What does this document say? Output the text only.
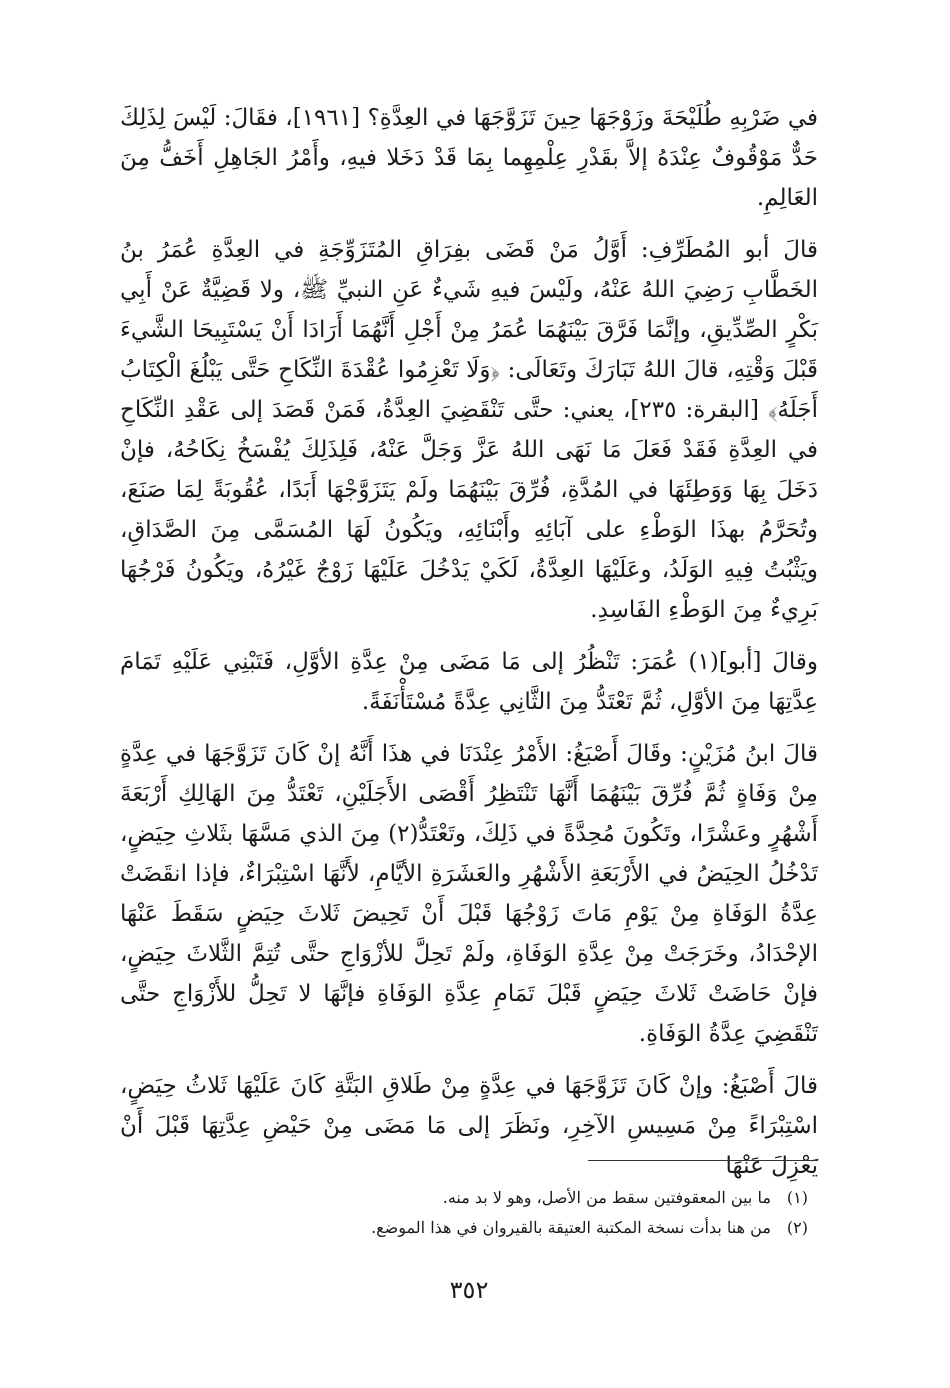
في ضَرْبِهِ طُلَيْحَةَ وزَوْجَهَا حِينَ تَزَوَّجَهَا في العِدَّةِ؟ [١٩٦١]، فقَالَ: لَيْسَ لِذَلِكَ حَدٌّ مَوْقُوفٌ عِنْدَهُ إلاَّ بقَدْرِ عِلْمِهِما بِمَا قَدْ دَخَلا فيهِ، وأَمْرُ الجَاهِلِ أَخَفُّ مِنَ العَالِمِ.

قالَ أبو المُطَرِّفِ: أَوَّلُ مَنْ قَضَى بفِرَاقِ المُتَزَوِّجَةِ في العِدَّةِ عُمَرُ بنُ الخَطَّابِ رَضِيَ اللهُ عَنْهُ، ولَيْسَ فيهِ شَيءٌ عَنِ النبيِّ ﷺ، ولا قَضِيَّةٌ عَنْ أَبِي بَكْرٍ الصِّدِّيقِ، وإنَّمَا فَرَّقَ بَيْنَهُمَا عُمَرُ مِنْ أَجْلِ أَنَّهُمَا أَرَادَا أَنْ يَسْتَبِيحَا الشَّيءَ قَبْلَ وَقْتِهِ، قالَ اللهُ تَبَارَكَ وتَعَالَى: ﴿وَلَا تَعْزِمُوا عُقْدَةَ النِّكَاحِ حَتَّى يَبْلُغَ الْكِتَابُ أَجَلَهُ﴾ [البقرة: ٢٣٥]، يعني: حتَّى تَنْقَضِيَ العِدَّةُ، فَمَنْ قَصَدَ إلى عَقْدِ النِّكَاحِ في العِدَّةِ فَقَدْ فَعَلَ مَا نَهَى اللهُ عَزَّ وَجَلَّ عَنْهُ، فَلِذَلِكَ يُفْسَخُ نِكَاحُهُ، فإنْ دَخَلَ بِهَا وَوَطِئَهَا في المُدَّةِ، فُرِّقَ بَيْنَهُمَا ولَمْ يَتَزَوَّجْهَا أَبَدًا، عُقُوبَةً لِمَا صَنَعَ، وتُحَرَّمُ بهذَا الوَطْءِ على آبَائِهِ وأَبْنَائِهِ، ويَكُونُ لَهَا المُسَمَّى مِنَ الصَّدَاقِ، ويَثْبُتُ فِيهِ الوَلَدُ، وعَلَيْهَا العِدَّةُ، لَكَيْ يَدْخُلَ عَلَيْهَا زَوْجٌ غَيْرُهُ، ويَكُونُ فَرْجُهَا بَرِيءٌ مِنَ الوَطْءِ الفَاسِدِ.

وقالَ [أبو](١) عُمَرَ: تَنْظُرُ إلى مَا مَضَى مِنْ عِدَّةِ الأوَّلِ، فَتَبْنِي عَلَيْهِ تَمَامَ عِدَّتِهَا مِنَ الأوَّلِ، ثُمَّ تَعْتَدُّ مِنَ الثَّانِي عِدَّةً مُسْتَأْنَفَةً.

قالَ ابنُ مُزَيْنٍ: وقَالَ أَصْبَغُ: الأَمْرُ عِنْدَنَا في هذَا أَنَّهُ إنْ كَانَ تَزَوَّجَهَا في عِدَّةٍ مِنْ وَفَاةٍ ثُمَّ فُرِّقَ بَيْنَهُمَا أَنَّهَا تَنْتَظِرُ أَقْصَى الأَجَلَيْنِ، تَعْتَدُّ مِنَ الهَالِكِ أَرْبَعَةَ أَشْهُرٍ وعَشْرًا، وتَكُونَ مُحِدَّةً في ذَلِكَ، وتَعْتَدُّ(٢) مِنَ الذي مَسَّهَا بثَلاثِ حِيَضٍ، تَدْخُلُ الحِيَضُ في الأَرْبَعَةِ الأَشْهُرِ والعَشَرَةِ الأيَّامِ، لأَنَّهَا اسْتِبْرَاءٌ، فإذا انقَضَتْ عِدَّةُ الوَفَاةِ مِنْ يَوْمِ مَاتَ زَوْجُهَا قَبْلَ أَنْ تَحِيضَ ثَلاثَ حِيَضٍ سَقَطَ عَنْهَا الإحْدَادُ، وخَرَجَتْ مِنْ عِدَّةِ الوَفَاةِ، ولَمْ تَحِلَّ للأزْوَاجِ حتَّى تُتِمَّ الثَّلاثَ حِيَضٍ، فإنْ حَاضَتْ ثَلاثَ حِيَضٍ قَبْلَ تَمَامِ عِدَّةِ الوَفَاةِ فإنَّهَا لا تَحِلُّ للأَزْوَاجِ حتَّى تَنْقَضِيَ عِدَّةُ الوَفَاةِ.

قالَ أَصْبَغُ: وإنْ كَانَ تَزَوَّجَهَا في عِدَّةٍ مِنْ طَلاقِ البَتَّةِ كَانَ عَلَيْهَا ثَلاثُ حِيَضٍ، اسْتِبْرَاءً مِنْ مَسِيسِ الآخِرِ، ونَظَرَ إلى مَا مَضَى مِنْ حَيْضِ عِدَّتِهَا قَبْلَ أَنْ يَعْزِلَ عَنْهَا

(١)
ما بين المعقوفتين سقط من الأصل، وهو لا بد منه.
(٢)
من هنا بدأت نسخة المكتبة العتيقة بالقيروان في هذا الموضع.
٣٥٢
